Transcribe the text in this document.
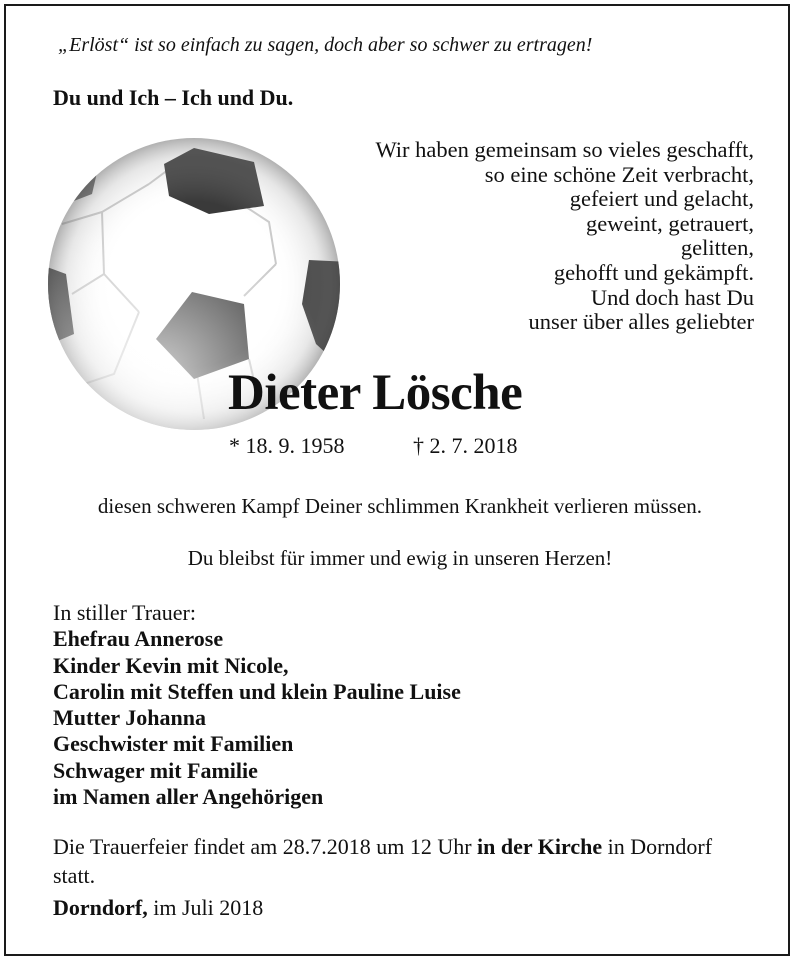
„Erlöst“ ist so einfach zu sagen, doch aber so schwer zu ertragen!

Du und Ich – Ich und Du.

Wir haben gemeinsam so vieles geschafft,
so eine schöne Zeit verbracht,
gefeiert und gelacht,
geweint, getrauert,
gelitten,
gehofft und gekämpft.
Und doch hast Du
unser über alles geliebter

Dieter Lösche

* 18. 9. 1958	† 2. 7. 2018

diesen schweren Kampf Deiner schlimmen Krankheit verlieren müssen.

Du bleibst für immer und ewig in unseren Herzen!

In stiller Trauer:
Ehefrau Annerose
Kinder Kevin mit Nicole,
Carolin mit Steffen und klein Pauline Luise
Mutter Johanna
Geschwister mit Familien
Schwager mit Familie
im Namen aller Angehörigen

Die Trauerfeier findet am 28.7.2018 um 12 Uhr in der Kirche in Dorndorf statt.

Dorndorf, im Juli 2018
